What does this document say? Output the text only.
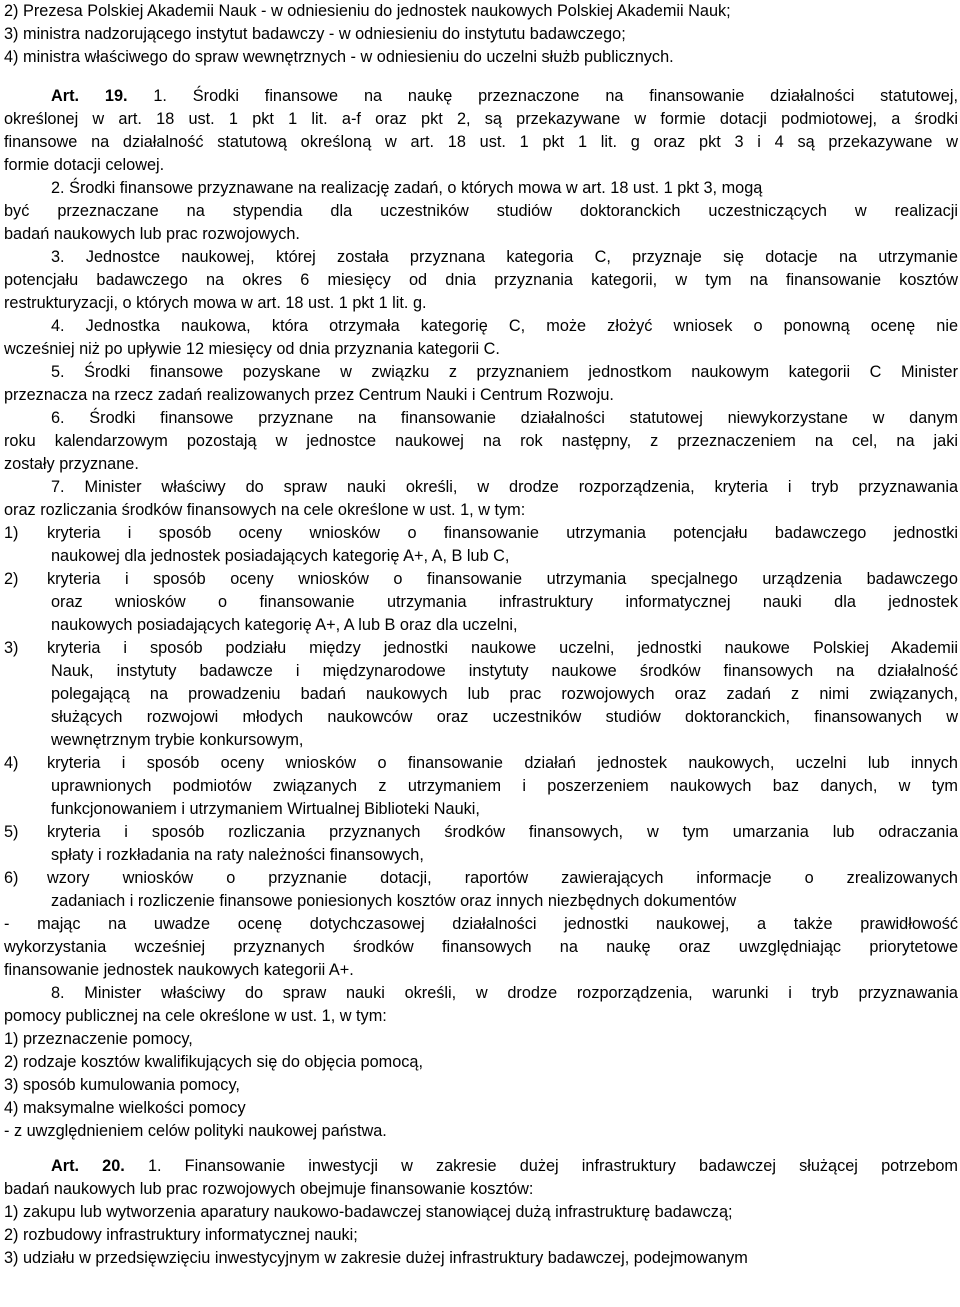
2) Prezesa Polskiej Akademii Nauk - w odniesieniu do jednostek naukowych Polskiej Akademii Nauk;
3) ministra nadzorującego instytut badawczy - w odniesieniu do instytutu badawczego;
4) ministra właściwego do spraw wewnętrznych - w odniesieniu do uczelni służb publicznych.
Art. 19. 1. Środki finansowe na naukę przeznaczone na finansowanie działalności statutowej,
określonej w art. 18 ust. 1 pkt 1 lit. a-f oraz pkt 2, są przekazywane w formie dotacji podmiotowej, a środki
finansowe na działalność statutową określoną w art. 18 ust. 1 pkt 1 lit. g oraz pkt 3 i 4 są przekazywane w
formie dotacji celowej.
2. Środki finansowe przyznawane na realizację zadań, o których mowa w art. 18 ust. 1 pkt 3, mogą
być przeznaczane na stypendia dla uczestników studiów doktoranckich uczestniczących w realizacji
badań naukowych lub prac rozwojowych.
3. Jednostce naukowej, której została przyznana kategoria C, przyznaje się dotacje na utrzymanie
potencjału badawczego na okres 6 miesięcy od dnia przyznania kategorii, w tym na finansowanie kosztów
restrukturyzacji, o których mowa w art. 18 ust. 1 pkt 1 lit. g.
4. Jednostka naukowa, która otrzymała kategorię C, może złożyć wniosek o ponowną ocenę nie
wcześniej niż po upływie 12 miesięcy od dnia przyznania kategorii C.
5. Środki finansowe pozyskane w związku z przyznaniem jednostkom naukowym kategorii C Minister
przeznacza na rzecz zadań realizowanych przez Centrum Nauki i Centrum Rozwoju.
6. Środki finansowe przyznane na finansowanie działalności statutowej niewykorzystane w danym
roku kalendarzowym pozostają w jednostce naukowej na rok następny, z przeznaczeniem na cel, na jaki
zostały przyznane.
7. Minister właściwy do spraw nauki określi, w drodze rozporządzenia, kryteria i tryb przyznawania
oraz rozliczania środków finansowych na cele określone w ust. 1, w tym:
1) kryteria i sposób oceny wniosków o finansowanie utrzymania potencjału badawczego jednostki
naukowej dla jednostek posiadających kategorię A+, A, B lub C,
2) kryteria i sposób oceny wniosków o finansowanie utrzymania specjalnego urządzenia badawczego
oraz wniosków o finansowanie utrzymania infrastruktury informatycznej nauki dla jednostek
naukowych posiadających kategorię A+, A lub B oraz dla uczelni,
3) kryteria i sposób podziału między jednostki naukowe uczelni, jednostki naukowe Polskiej Akademii
Nauk, instytuty badawcze i międzynarodowe instytuty naukowe środków finansowych na działalność
polegającą na prowadzeniu badań naukowych lub prac rozwojowych oraz zadań z nimi związanych,
służących rozwojowi młodych naukowców oraz uczestników studiów doktoranckich, finansowanych w
wewnętrznym trybie konkursowym,
4) kryteria i sposób oceny wniosków o finansowanie działań jednostek naukowych, uczelni lub innych
uprawnionych podmiotów związanych z utrzymaniem i poszerzeniem naukowych baz danych, w tym
funkcjonowaniem i utrzymaniem Wirtualnej Biblioteki Nauki,
5) kryteria i sposób rozliczania przyznanych środków finansowych, w tym umarzania lub odraczania
spłaty i rozkładania na raty należności finansowych,
6) wzory wniosków o przyznanie dotacji, raportów zawierających informacje o zrealizowanych
zadaniach i rozliczenie finansowe poniesionych kosztów oraz innych niezbędnych dokumentów
- mając na uwadze ocenę dotychczasowej działalności jednostki naukowej, a także prawidłowość
wykorzystania wcześniej przyznanych środków finansowych na naukę oraz uwzględniając priorytetowe
finansowanie jednostek naukowych kategorii A+.
8. Minister właściwy do spraw nauki określi, w drodze rozporządzenia, warunki i tryb przyznawania
pomocy publicznej na cele określone w ust. 1, w tym:
1) przeznaczenie pomocy,
2) rodzaje kosztów kwalifikujących się do objęcia pomocą,
3) sposób kumulowania pomocy,
4) maksymalne wielkości pomocy
- z uwzględnieniem celów polityki naukowej państwa.
Art. 20. 1. Finansowanie inwestycji w zakresie dużej infrastruktury badawczej służącej potrzebom
badań naukowych lub prac rozwojowych obejmuje finansowanie kosztów:
1) zakupu lub wytworzenia aparatury naukowo-badawczej stanowiącej dużą infrastrukturę badawczą;
2) rozbudowy infrastruktury informatycznej nauki;
3) udziału w przedsięwzięciu inwestycyjnym w zakresie dużej infrastruktury badawczej, podejmowanym
